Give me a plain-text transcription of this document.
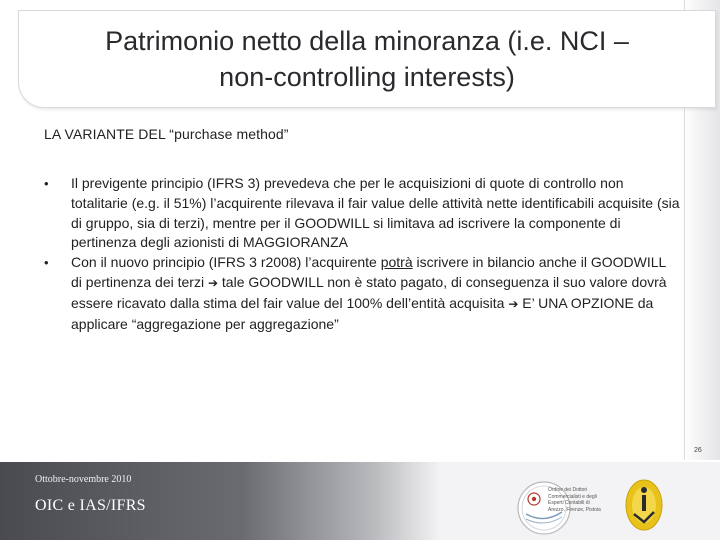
Patrimonio netto della minoranza (i.e. NCI –
non-controlling interests)
LA VARIANTE DEL “purchase method”
• Il previgente principio (IFRS 3) prevedeva che per le acquisizioni di quote di controllo non totalitarie (e.g. il 51%) l’acquirente rilevava il fair value delle attività nette identificabili acquisite (sia di gruppo, sia di terzi), mentre per il GOODWILL si limitava ad iscrivere la componente di pertinenza degli azionisti di MAGGIORANZA
• Con il nuovo principio (IFRS 3 r2008) l’acquirente potrà iscrivere in bilancio anche il GOODWILL di pertinenza dei terzi ➔ tale GOODWILL non è stato pagato, di conseguenza il suo valore dovrà essere ricavato dalla stima del fair value del 100% dell’entità acquisita ➔ E’ UNA OPZIONE da applicare “aggregazione per aggregazione”
26
Ottobre-novembre 2010
OIC e IAS/IFRS
Ordine dei Dottori Commercialisti e degli Esperti Contabili di Arezzo, Firenze, Pistoia
